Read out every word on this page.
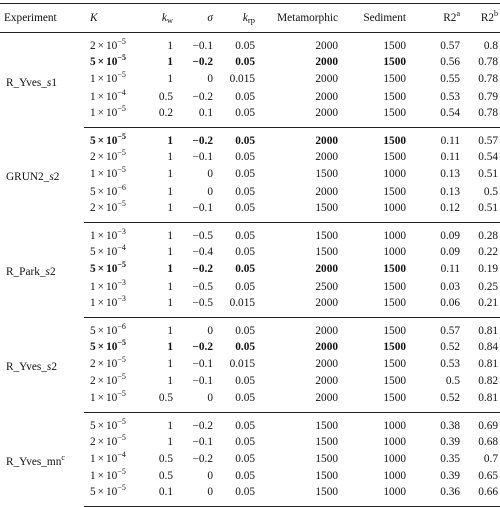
Experiment	K	$k_w$	σ	$k_{rp}$	Metamorphic	Sediment	R2$^a$	R2$^b$
R_Yves_s1	$2 \times 10^{-5}$	1	−0.1	0.05	2000	1500	0.57	0.8
	$5 \times 10^{-5}$	1	−0.2	0.05	2000	1500	0.56	0.78
	$1 \times 10^{-5}$	1	0	0.015	2000	1500	0.55	0.78
	$1 \times 10^{-4}$	0.5	−0.2	0.05	2000	1500	0.53	0.79
	$1 \times 10^{-5}$	0.2	0.1	0.05	2000	1500	0.54	0.78
GRUN2_s2	$5 \times 10^{-5}$	1	−0.2	0.05	2000	1500	0.11	0.57
	$2 \times 10^{-5}$	1	−0.1	0.05	2000	1500	0.11	0.54
	$1 \times 10^{-5}$	1	0	0.05	1500	1000	0.13	0.51
	$5 \times 10^{-6}$	1	0	0.05	2000	1500	0.13	0.5
	$2 \times 10^{-5}$	1	−0.1	0.05	1500	1000	0.12	0.51
R_Park_s2	$1 \times 10^{-3}$	1	−0.5	0.05	1500	1000	0.09	0.28
	$5 \times 10^{-4}$	1	−0.4	0.05	1500	1000	0.09	0.22
	$5 \times 10^{-5}$	1	−0.2	0.05	2000	1500	0.11	0.19
	$1 \times 10^{-3}$	1	−0.5	0.05	2500	1500	0.03	0.25
	$1 \times 10^{-3}$	1	−0.5	0.015	2000	1500	0.06	0.21
R_Yves_s2	$5 \times 10^{-6}$	1	0	0.05	2000	1500	0.57	0.81
	$5 \times 10^{-5}$	1	−0.2	0.05	2000	1500	0.52	0.84
	$2 \times 10^{-5}$	1	−0.1	0.015	2000	1500	0.53	0.81
	$2 \times 10^{-5}$	1	−0.1	0.05	2000	1500	0.5	0.82
	$1 \times 10^{-5}$	0.5	0	0.05	2000	1500	0.52	0.81
$R\_Yves\_mn^c$	$5 \times 10^{-5}$	1	−0.2	0.05	1500	1000	0.38	0.69
	$2 \times 10^{-5}$	1	−0.1	0.05	1500	1000	0.39	0.68
	$1 \times 10^{-4}$	0.5	−0.2	0.05	1500	1000	0.35	0.7
	$1 \times 10^{-5}$	0.5	0	0.05	1500	1000	0.39	0.65
	$5 \times 10^{-5}$	0.1	0	0.05	1500	1000	0.36	0.66
